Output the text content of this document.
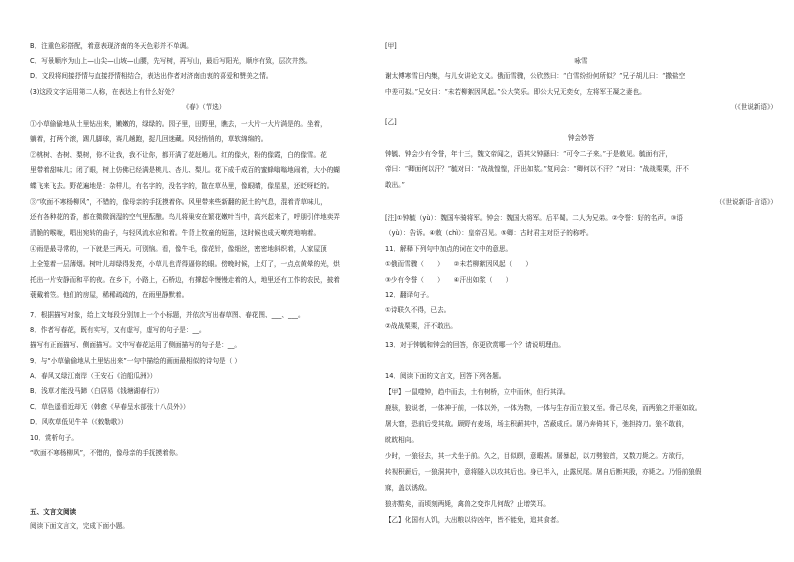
B．注重色彩搭配，着意表现济南的冬天色彩并不单调。
C．写景顺序为山上—山尖—山坡—山腰，先写树，再写山，最后写阳光，顺序有致，层次井然。
D．文段将间接抒情与直接抒情相结合，表达出作者对济南由衷的喜爱和赞美之情。
(3)这段文字运用第二人称，在表达上有什么好处？
《春》（节选）
①小草偷偷地从土里钻出来，嫩嫩的，绿绿的。园子里，田野里，瞧去，一大片一大片满是的。坐着，
躺着，打两个滚，踢几脚球，赛几趟跑，捉几回迷藏。风轻悄悄的，草软绵绵的。
②桃树、杏树、梨树，你不让我，我不让你，都开满了花赶趟儿。红的像火，粉的像霞，白的像雪。花
里带着甜味儿；闭了眼，树上仿佛已经满是桃儿、杏儿、梨儿。花下成千成百的蜜蜂嗡嗡地闹着，大小的蝴
蝶飞来飞去。野花遍地是：杂样儿，有名字的，没名字的，散在草丛里，像眼睛，像星星，还眨呀眨的。
③“吹面不寒杨柳风”，不错的，像母亲的手抚摸着你。风里带来些新翻的泥土的气息，混着青草味儿，
还有各种花的香，都在微微润湿的空气里酝酿。鸟儿将巢安在繁花嫩叶当中，高兴起来了，呼朋引伴地卖弄
清脆的喉咙，唱出宛转的曲子，与轻风流水应和着。牛背上牧童的短笛，这时候也成天嘹亮地响着。
④雨是最寻常的，一下就是三两天。可别恼。看，像牛毛，像花针，像细丝，密密地斜织着，人家屋顶
上全笼着一层薄烟。树叶儿却绿得发亮，小草儿也青得逼你的眼。傍晚时候，上灯了，一点点黄晕的光，烘
托出一片安静而和平的夜。在乡下，小路上，石桥边，有撑起伞慢慢走着的人，地里还有工作的农民，披着
蓑戴着笠。他们的房屋，稀稀疏疏的，在雨里静默着。
7．根据描写对象，给上文每段分别加上一个小标题，并依次写出春草图、春花图、___、___。
8．作者写春花，既有实写，又有虚写，虚写的句子是：__。
描写有正面描写、侧面描写。文中写春花运用了侧面描写的句子是：__。
9．与“小草偷偷地从土里钻出来”一句中描绘的画面最相似的诗句是（ ）
A．春风又绿江南岸（王安石《泊船瓜洲》）
B．浅草才能没马蹄（白居易《钱塘湖春行》）
C．草色遥看近却无（韩愈《早春呈水部张十八员外》）
D．风吹草低见牛羊（《敕勒歌》）
10．赏析句子。
“吹面不寒杨柳风”，不错的，像母亲的手抚摸着你。
五、文言文阅读
阅读下面文言文，完成下面小题。
[甲]
咏雪
谢太傅寒雪日内集，与儿女讲论文义。俄而雪骤，公欣然曰：“白雪纷纷何所似？”兄子胡儿曰：“撒盐空
中差可拟。”兄女曰：“未若柳絮因风起。”公大笑乐。即公大兄无奕女，左将军王凝之妻也。
（《世说新语》）
[乙]
钟会妙答
钟毓、钟会少有令誉，年十三，魏文帝闻之，语其父钟繇曰：“可令二子来。”于是敕见。毓面有汗，
帝曰：“卿面何以汗？”毓对曰：“战战惶惶，汗出如浆。”复问会：“卿何以不汗？”对曰：“战战栗栗，汗不
敢出。”
（《世说新语·言语》）
[注]①钟毓（yù）：魏国车骑将军。钟会：魏国大将军。后平蜀。二人为兄弟。②令誉：好的名声。③语
（yù）：告诉。④敕（chì）：皇帝召见。⑤卿：古时君主对臣子的称呼。
11．解释下列句中加点的词在文中的意思。
①俄而雪骤（　　）　　②未若柳絮因风起（　　）
③少有令誉（　　）　　④汗出如浆（　　）
12．翻译句子。
①诗联久不得，已去。
②战战栗栗，汗不敢出。
13．对于钟毓和钟会的回答，你更欣赏哪一个？请说明理由。
14．阅读下面的文言文，回答下列各题。
【甲】一鼠噬钟，趋中而去，土有树桥，立中而休，但行其泽。
鹿骇，狼说者，一体神于前，一体以外，一体为物，一体与生存而立狼又至。骨己尽矣，而两狼之并驱如故。
屠大窘，恐前后受其敌。顾野有麦场，场主积薪其中，苫蔽成丘。屠乃奔倚其下，弛担持刀。狼不敢前，
眈眈相向。
少时，一狼径去，其一犬坐于前。久之，目似瞑，意暇甚。屠暴起，以刀劈狼首，又数刀毙之。方欲行，
转视积薪后，一狼洞其中，意将隧入以攻其后也。身已半入，止露尻尾。屠自后断其股，亦毙之。乃悟前狼假
寐，盖以诱敌。
狼亦黠矣，而顷刻两毙，禽兽之变诈几何哉？止增笑耳。
【乙】化国有人饥，大出粮以待凶年，皆不能免，追其食者。
